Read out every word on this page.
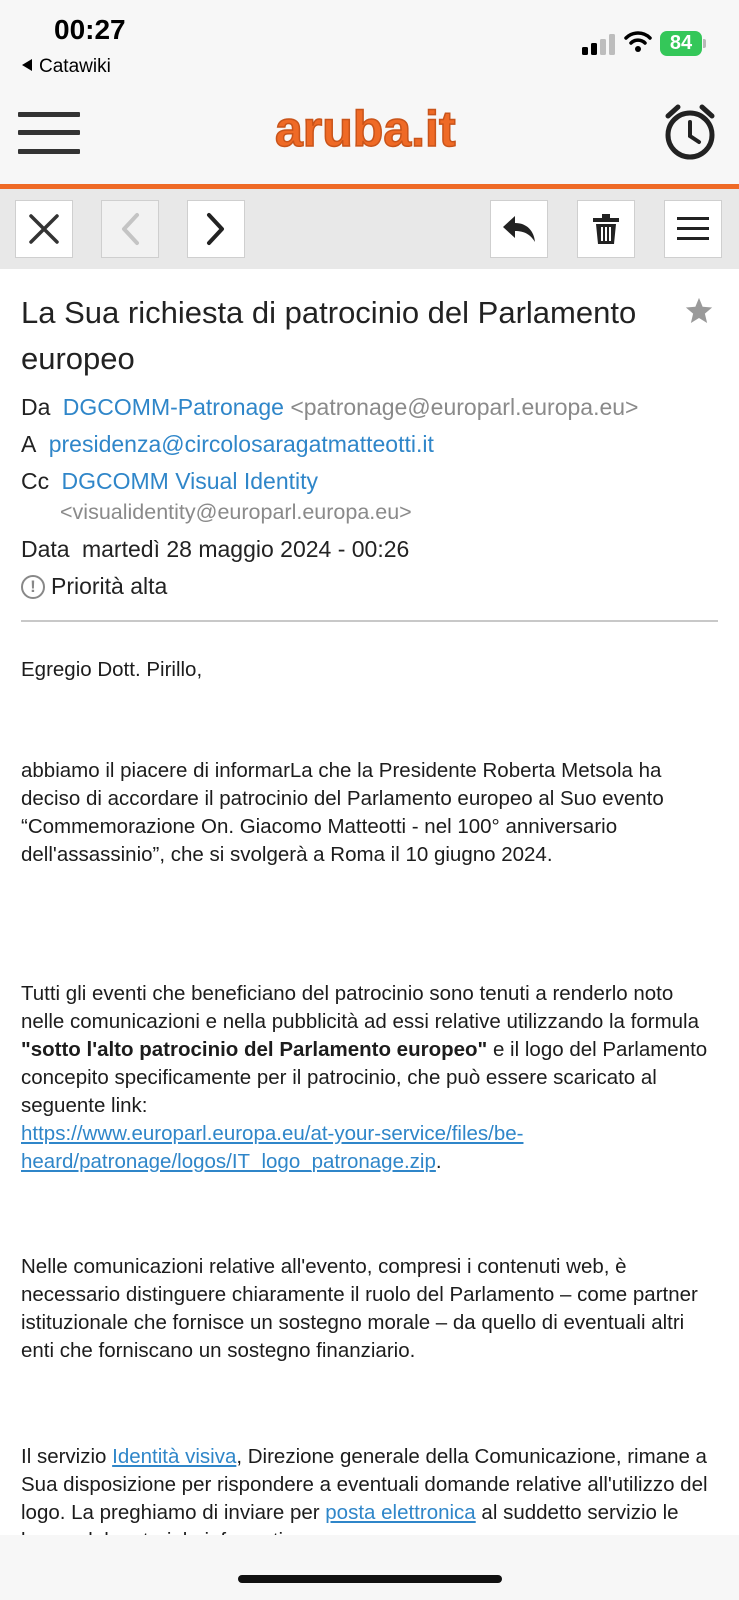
00:27
Catawiki
84
aruba.it
La Sua richiesta di patrocinio del Parlamento europeo
Da DGCOMM-Patronage <patronage@europarl.europa.eu>
A presidenza@circolosaragatmatteotti.it
Cc DGCOMM Visual Identity
<visualidentity@europarl.europa.eu>
Data martedì 28 maggio 2024 - 00:26
! Priorità alta
Egregio Dott. Pirillo,
abbiamo il piacere di informarLa che la Presidente Roberta Metsola ha deciso di accordare il patrocinio del Parlamento europeo al Suo evento “Commemorazione On. Giacomo Matteotti - nel 100° anniversario dell'assassinio”, che si svolgerà a Roma il 10 giugno 2024.
Tutti gli eventi che beneficiano del patrocinio sono tenuti a renderlo noto nelle comunicazioni e nella pubblicità ad essi relative utilizzando la formula "sotto l'alto patrocinio del Parlamento europeo" e il logo del Parlamento concepito specificamente per il patrocinio, che può essere scaricato al seguente link:
https://www.europarl.europa.eu/at-your-service/files/be-
heard/patronage/logos/IT_logo_patronage.zip.
Nelle comunicazioni relative all'evento, compresi i contenuti web, è necessario distinguere chiaramente il ruolo del Parlamento – come partner istituzionale che fornisce un sostegno morale – da quello di eventuali altri enti che forniscano un sostegno finanziario.
Il servizio Identità visiva, Direzione generale della Comunicazione, rimane a Sua disposizione per rispondere a eventuali domande relative all'utilizzo del logo. La preghiamo di inviare per posta elettronica al suddetto servizio le
